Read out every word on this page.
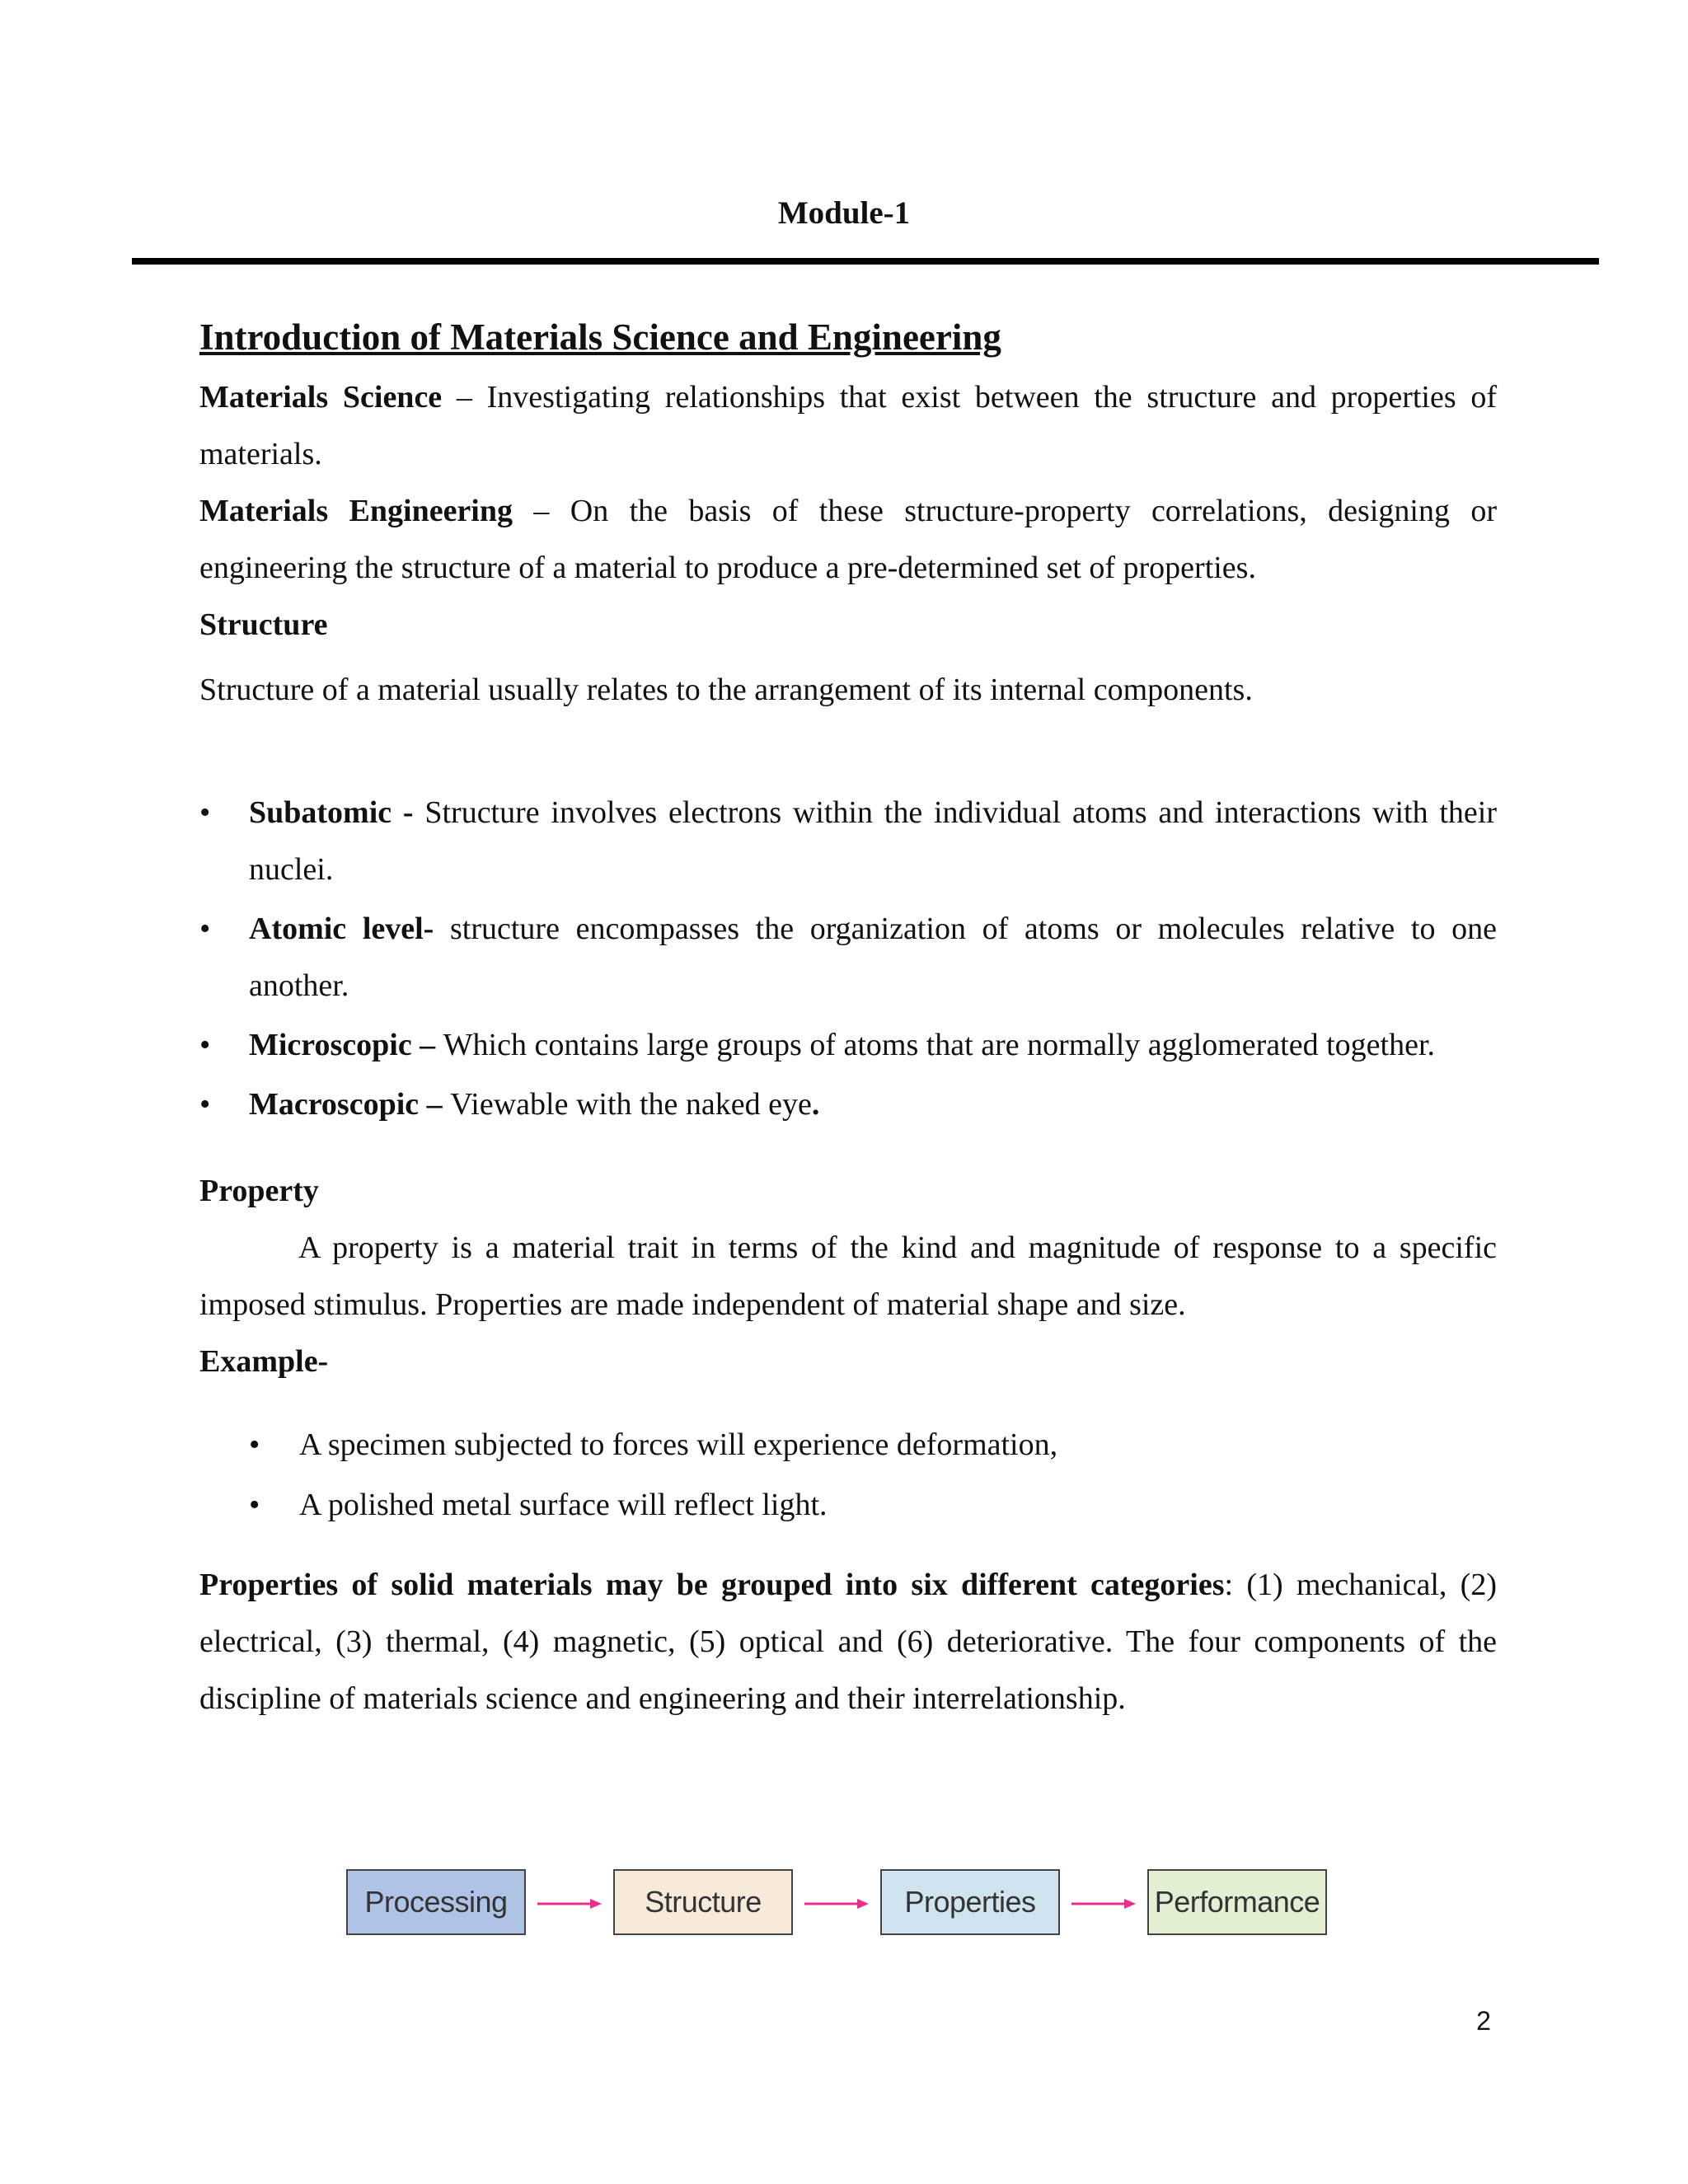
Module-1
Introduction of Materials Science and Engineering

Materials Science – Investigating relationships that exist between the structure and properties of materials.

Materials Engineering – On the basis of these structure-property correlations, designing or engineering the structure of a material to produce a pre-determined set of properties.

Structure

Structure of a material usually relates to the arrangement of its internal components.

• Subatomic - Structure involves electrons within the individual atoms and interactions with their nuclei.
• Atomic level- structure encompasses the organization of atoms or molecules relative to one another.
• Microscopic – Which contains large groups of atoms that are normally agglomerated together.
• Macroscopic – Viewable with the naked eye.

Property

A property is a material trait in terms of the kind and magnitude of response to a specific imposed stimulus. Properties are made independent of material shape and size.

Example-

• A specimen subjected to forces will experience deformation,
• A polished metal surface will reflect light.

Properties of solid materials may be grouped into six different categories: (1) mechanical, (2) electrical, (3) thermal, (4) magnetic, (5) optical and (6) deteriorative. The four components of the discipline of materials science and engineering and their interrelationship.

Processing	Structure	Properties	Performance
2
